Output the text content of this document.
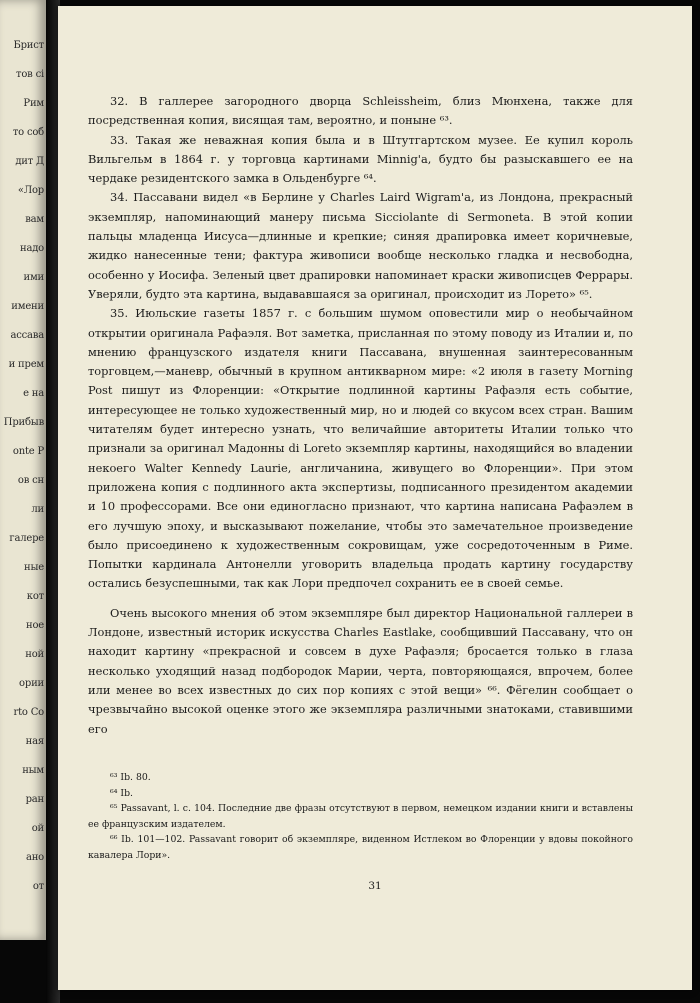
Брист
тов ci
Рим
то соб
дит Д
«Лор
вам
надо
ими
имени
ассава
и прем
е на
Прибыв
onte P
ов сн
ли
галере
ные
кот
ное
ной
ории
rto Co
ная
ным
ран
ой
ано
от

32. В галлерее загородного дворца Schleissheim, близ Мюнхена, также для посредственная копия, висящая там, вероятно, и поныне ⁶³.

33. Такая же неважная копия была и в Штутгартском музее. Ее купил король Вильгельм в 1864 г. у торговца картинами Minnig'а, будто бы разыскавшего ее на чердаке резидентского замка в Ольденбурге ⁶⁴.

34. Пассавани видел «в Берлине у Charles Laird Wigram'а, из Лондона, прекрасный экземпляр, напоминающий манеру письма Sicciolante di Sermoneta. В этой копии пальцы младенца Иисуса—длинные и крепкие; синяя драпировка имеет коричневые, жидко нанесенные тени; фактура живописи вообще несколько гладка и несвободна, особенно у Иосифа. Зеленый цвет драпировки напоминает краски живописцев Феррары. Уверяли, будто эта картина, выдававшаяся за оригинал, происходит из Лорето» ⁶⁵.

35. Июльские газеты 1857 г. с большим шумом оповестили мир о необычайном открытии оригинала Рафаэля. Вот заметка, присланная по этому поводу из Италии и, по мнению французского издателя книги Пассавана, внушенная заинтересованным торговцем,—маневр, обычный в крупном антикварном мире: «2 июля в газету Morning Post пишут из Флоренции: «Открытие подлинной картины Рафаэля есть событие, интересующее не только художественный мир, но и людей со вкусом всех стран. Вашим читателям будет интересно узнать, что величайшие авторитеты Италии только что признали за оригинал Мадонны di Loreto экземпляр картины, находящийся во владении некоего Walter Kennedy Laurie, англичанина, живущего во Флоренции». При этом приложена копия с подлинного акта экспертизы, подписанного президентом академии и 10 профессорами. Все они единогласно признают, что картина написана Рафаэлем в его лучшую эпоху, и высказывают пожелание, чтобы это замечательное произведение было присоединено к художественным сокровищам, уже сосредоточенным в Риме. Попытки кардинала Антонелли уговорить владельца продать картину государству остались безуспешными, так как Лори предпочел сохранить ее в своей семье.

Очень высокого мнения об этом экземпляре был директор Национальной галлереи в Лондоне, известный историк искусства Charles Eastlake, сообщивший Пассавану, что он находит картину «прекрасной и совсем в духе Рафаэля; бросается только в глаза несколько уходящий назад подбородок Марии, черта, повторяющаяся, впрочем, более или менее во всех известных до сих пор копиях с этой вещи» ⁶⁶. Фёгелин сообщает о чрезвычайно высокой оценке этого же экземпляра различными знатоками, ставившими его

⁶³ Ib. 80.

⁶⁴ Ib.

⁶⁵ Passavant, l. c. 104. Последние две фразы отсутствуют в первом, немецком издании книги и вставлены ее французским издателем.

⁶⁶ Ib. 101—102. Passavant говорит об экземпляре, виденном Истлеком во Флоренции у вдовы покойного кавалера Лори».

31
